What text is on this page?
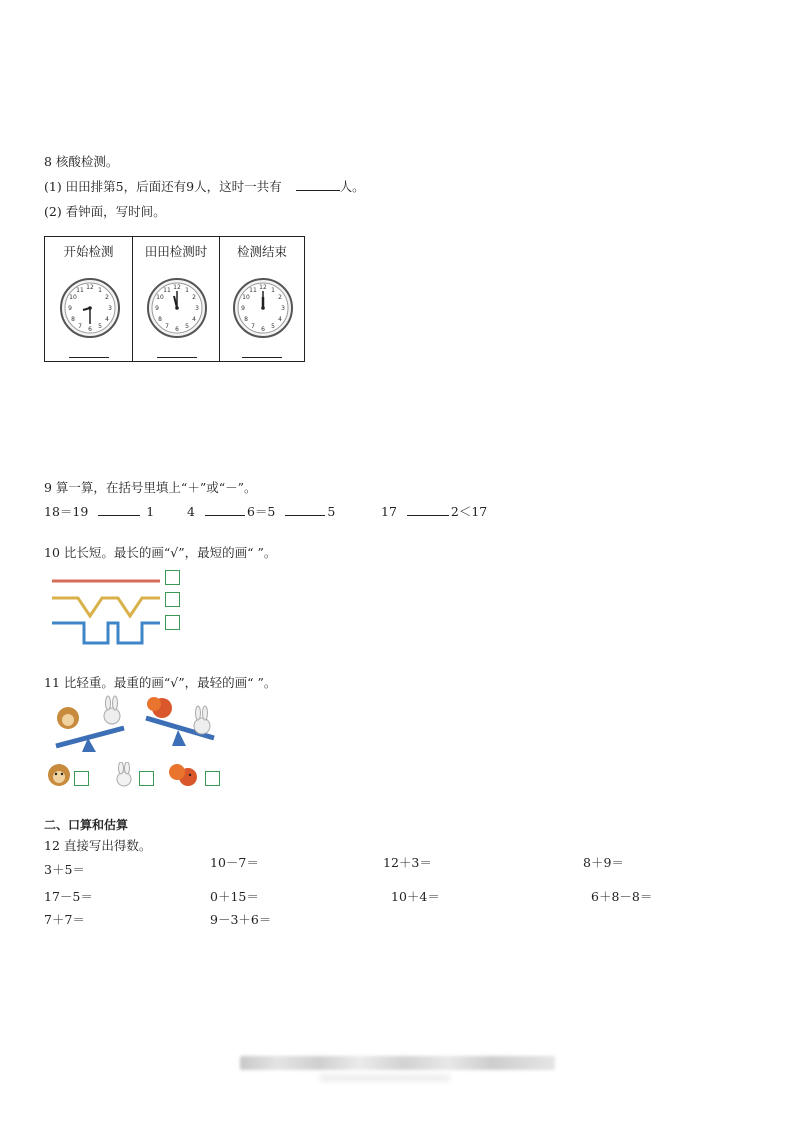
8 核酸检测。
(1) 田田排第5，后面还有9人，这时一共有	人。
(2) 看钟面，写时间。
开始检测
12 1
2
3
4
5
6
7
8
9
10
11
田田检测时
12 1
2
3
4
5
6
7
8
9
10
11
检测结束
12 1
2
3
4
5
6
7
8
9
10
11
9 算一算，在括号里填上“＋”或“－”。
18＝19	1	4	6＝5	5	17	2＜17
10 比长短。最长的画“√”，最短的画“ ”。
11 比轻重。最重的画“√”，最轻的画“ ”。
二、口算和估算
12 直接写出得数。
3＋5＝	10－7＝	12＋3＝	8＋9＝
17－5＝	0＋15＝	10＋4＝	6＋8－8＝
7＋7＝	9－3＋6＝
